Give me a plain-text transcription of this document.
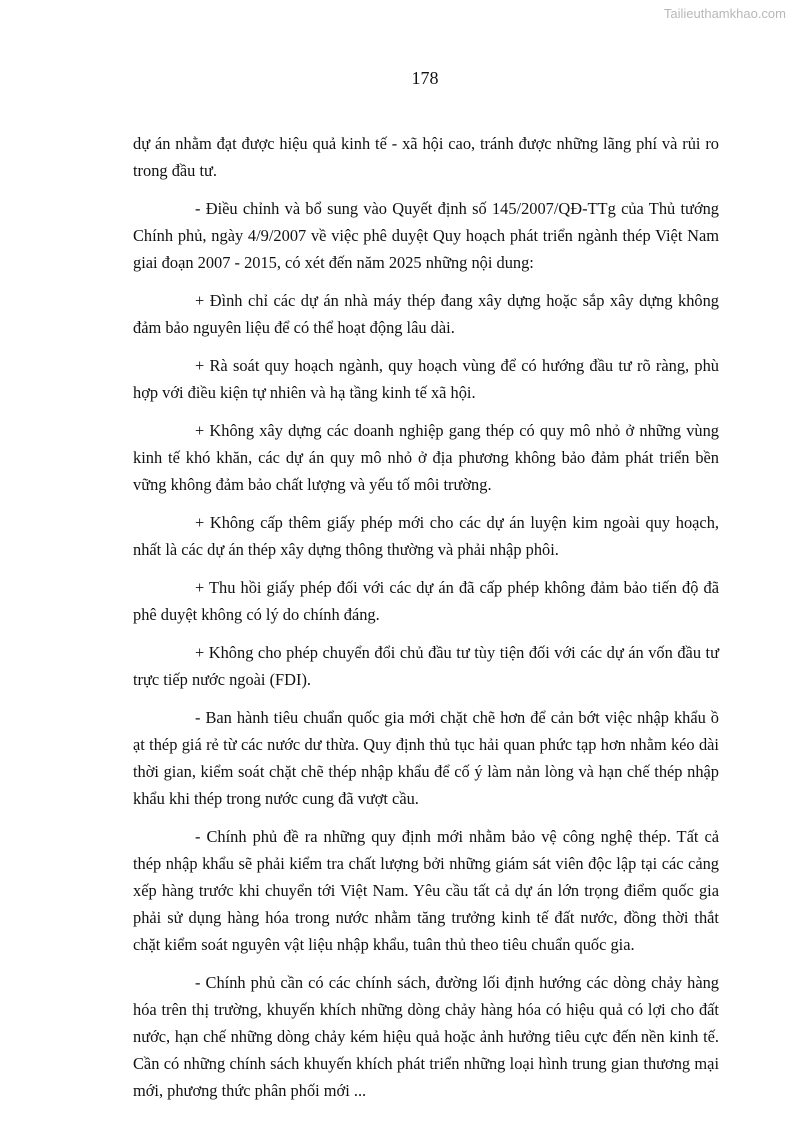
Tailieuthamkhao.com
178

dự án nhằm đạt được hiệu quả kinh tế - xã hội cao, tránh được những lãng phí và rủi ro trong đầu tư.

- Điều chỉnh và bổ sung vào Quyết định số 145/2007/QĐ-TTg của Thủ tướng Chính phủ, ngày 4/9/2007 về việc phê duyệt Quy hoạch phát triển ngành thép Việt Nam giai đoạn 2007 - 2015, có xét đến năm 2025 những nội dung:

+ Đình chỉ các dự án nhà máy thép đang xây dựng hoặc sắp xây dựng không đảm bảo nguyên liệu để có thể hoạt động lâu dài.

+ Rà soát quy hoạch ngành, quy hoạch vùng để có hướng đầu tư rõ ràng, phù hợp với điều kiện tự nhiên và hạ tầng kinh tế xã hội.

+ Không xây dựng các doanh nghiệp gang thép có quy mô nhỏ ở những vùng kinh tế khó khăn, các dự án quy mô nhỏ ở địa phương không bảo đảm phát triển bền vững không đảm bảo chất lượng và yếu tố môi trường.

+ Không cấp thêm giấy phép mới cho các dự án luyện kim ngoài quy hoạch, nhất là các dự án thép xây dựng thông thường và phải nhập phôi.

+ Thu hồi giấy phép đối với các dự án đã cấp phép không đảm bảo tiến độ đã phê duyệt không có lý do chính đáng.

+ Không cho phép chuyển đổi chủ đầu tư tùy tiện đối với các dự án vốn đầu tư trực tiếp nước ngoài (FDI).

- Ban hành tiêu chuẩn quốc gia mới chặt chẽ hơn để cản bớt việc nhập khẩu ồ ạt thép giá rẻ từ các nước dư thừa. Quy định thủ tục hải quan phức tạp hơn nhằm kéo dài thời gian, kiểm soát chặt chẽ thép nhập khẩu để cố ý làm nản lòng và hạn chế thép nhập khẩu khi thép trong nước cung đã vượt cầu.

- Chính phủ đề ra những quy định mới nhằm bảo vệ công nghệ thép. Tất cả thép nhập khẩu sẽ phải kiểm tra chất lượng bởi những giám sát viên độc lập tại các cảng xếp hàng trước khi chuyển tới Việt Nam. Yêu cầu tất cả dự án lớn trọng điểm quốc gia phải sử dụng hàng hóa trong nước nhằm tăng trưởng kinh tế đất nước, đồng thời thắt chặt kiểm soát nguyên vật liệu nhập khẩu, tuân thủ theo tiêu chuẩn quốc gia.

- Chính phủ cần có các chính sách, đường lối định hướng các dòng chảy hàng hóa trên thị trường, khuyến khích những dòng chảy hàng hóa có hiệu quả có lợi cho đất nước, hạn chế những dòng chảy kém hiệu quả hoặc ảnh hưởng tiêu cực đến nền kinh tế. Cần có những chính sách khuyến khích phát triển những loại hình trung gian thương mại mới, phương thức phân phối mới ...
